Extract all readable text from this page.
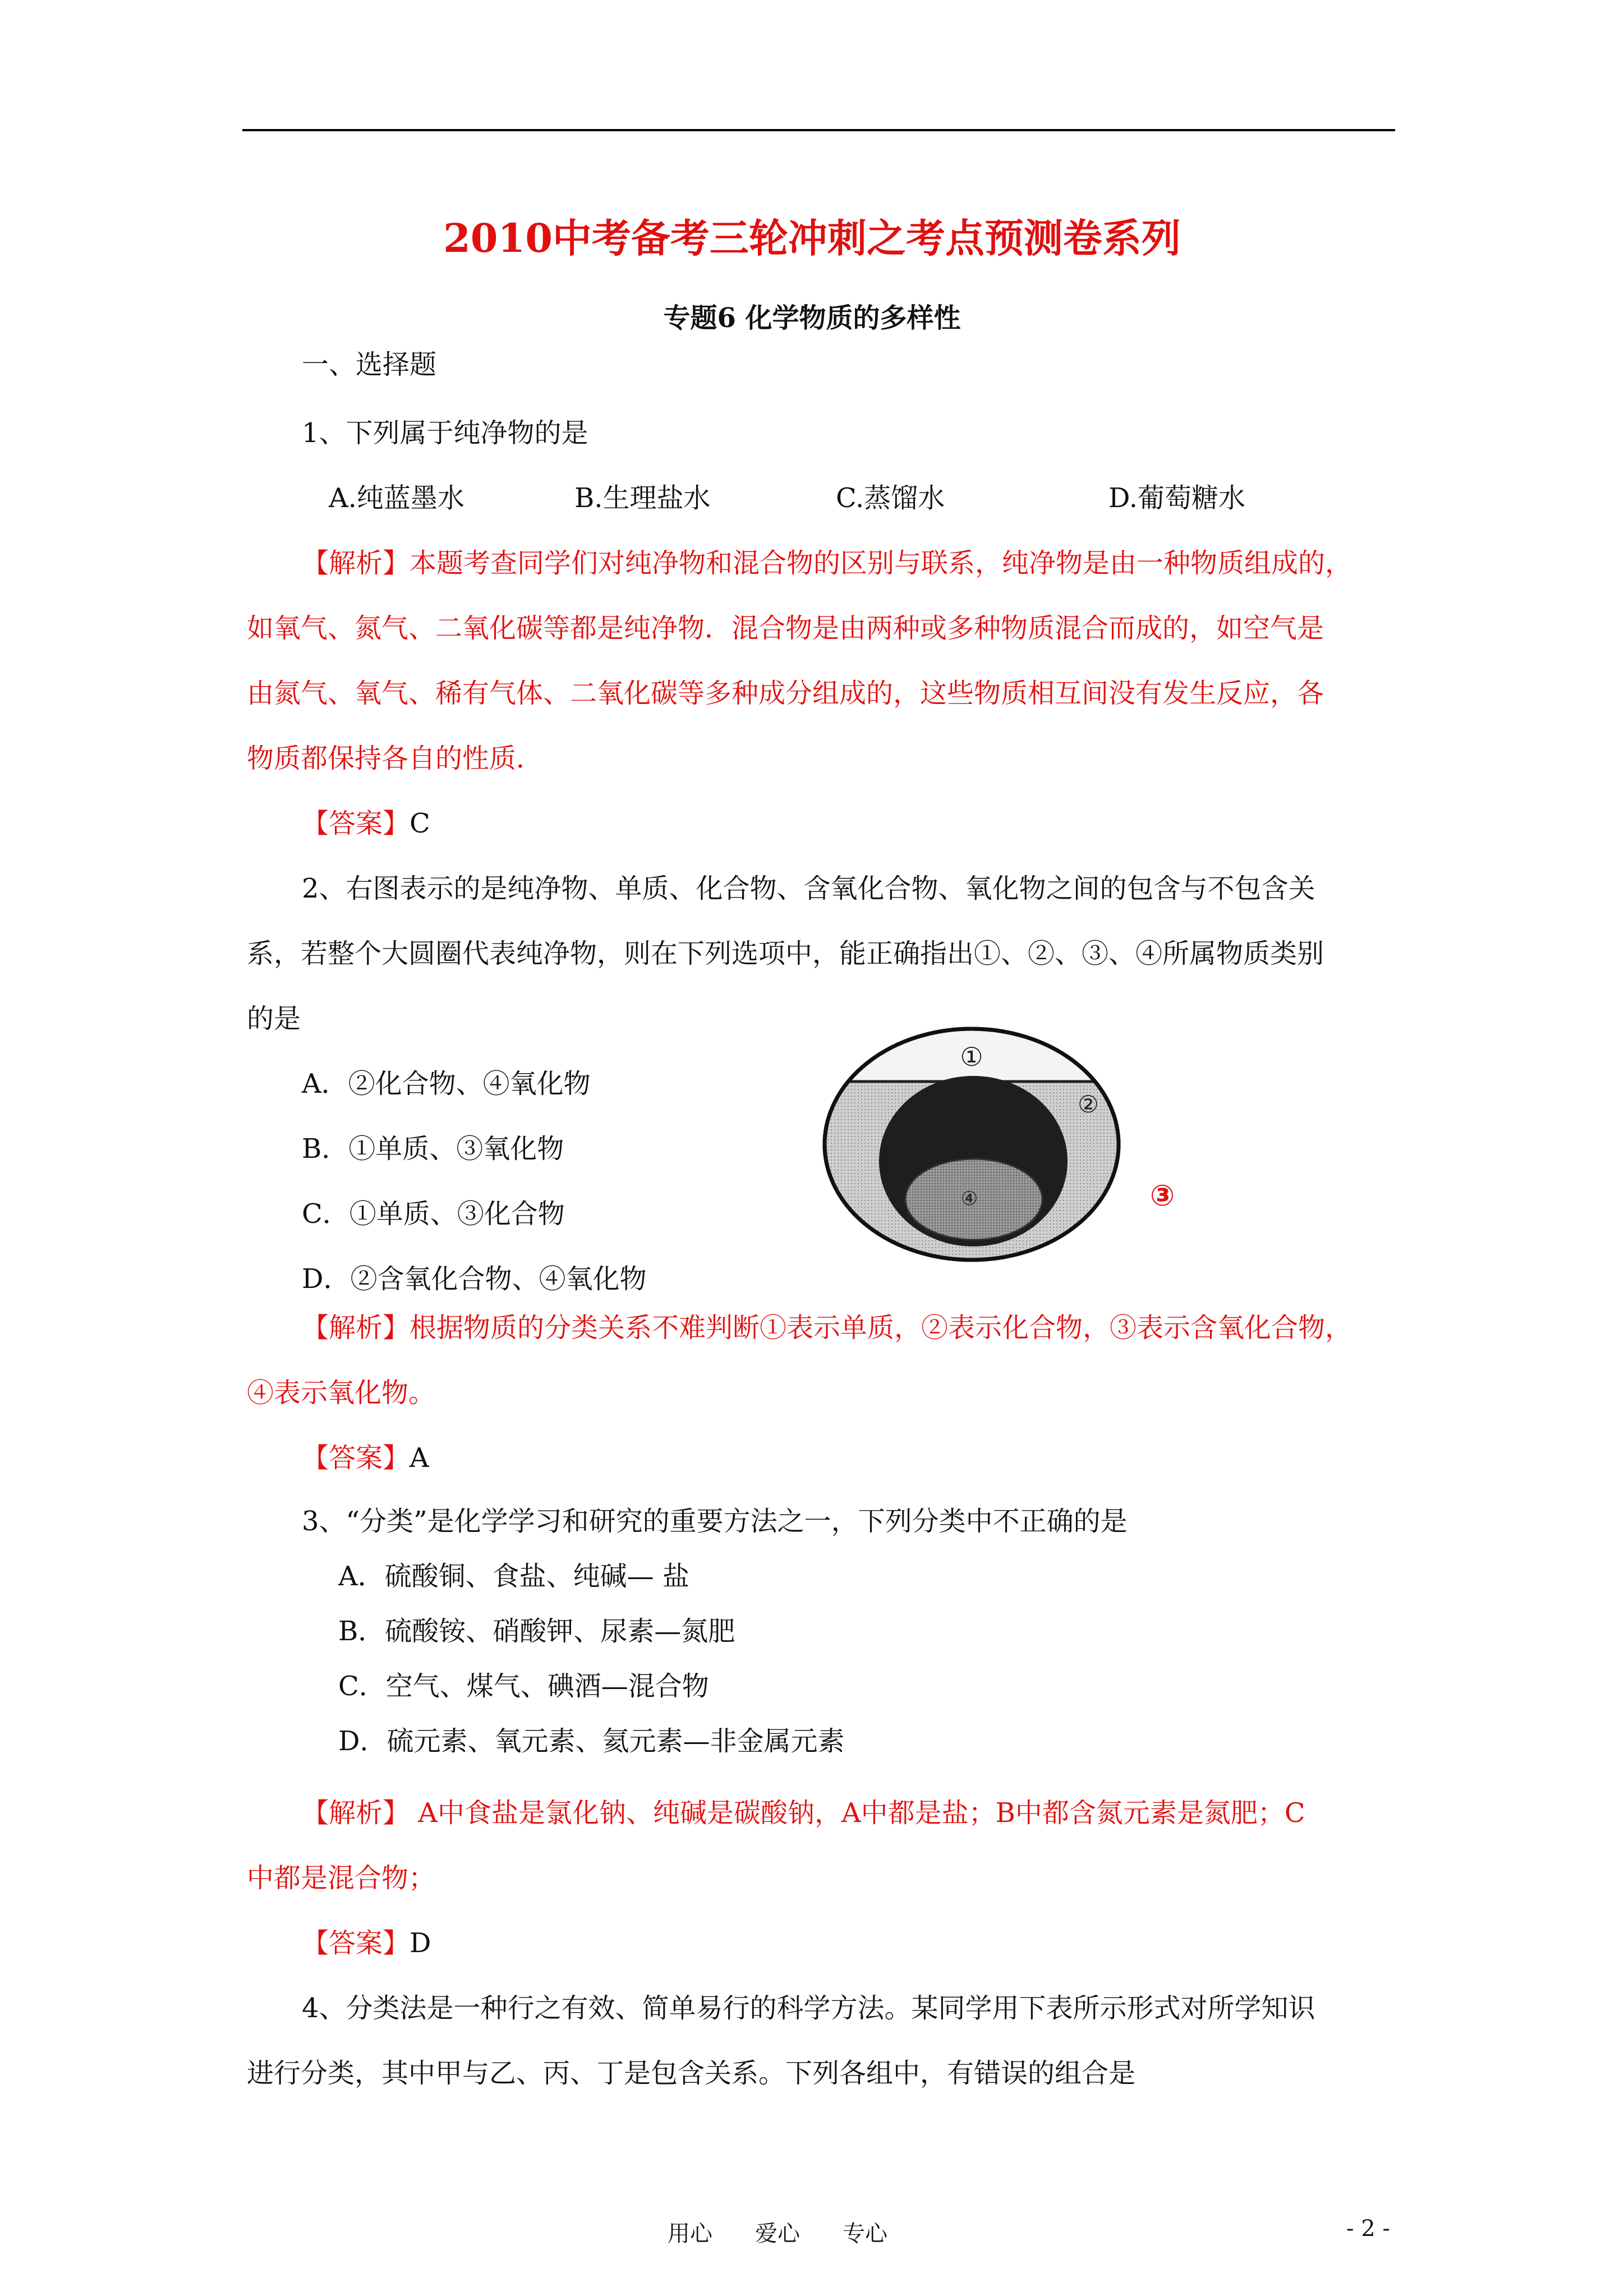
2010中考备考三轮冲刺之考点预测卷系列
专题6 化学物质的多样性
一、选择题
1、下列属于纯净物的是
A.纯蓝墨水	B.生理盐水	C.蒸馏水	D.葡萄糖水
【解析】本题考查同学们对纯净物和混合物的区别与联系，纯净物是由一种物质组成的，
如氧气、氮气、二氧化碳等都是纯净物．混合物是由两种或多种物质混合而成的，如空气是
由氮气、氧气、稀有气体、二氧化碳等多种成分组成的，这些物质相互间没有发生反应，各
物质都保持各自的性质．
【答案】C
2、右图表示的是纯净物、单质、化合物、含氧化合物、氧化物之间的包含与不包含关
系，若整个大圆圈代表纯净物，则在下列选项中，能正确指出①、②、③、④所属物质类别
的是
A．②化合物、④氧化物
B．①单质、③氧化物
C．①单质、③化合物
D．②含氧化合物、④氧化物
①
②
④	③
【解析】根据物质的分类关系不难判断①表示单质，②表示化合物，③表示含氧化合物，
④表示氧化物。
【答案】A
3、“分类”是化学学习和研究的重要方法之一，下列分类中不正确的是
A．硫酸铜、食盐、纯碱— 盐
B．硫酸铵、硝酸钾、尿素—氮肥
C．空气、煤气、碘酒—混合物
D．硫元素、氧元素、氦元素—非金属元素
【解析】 A中食盐是氯化钠、纯碱是碳酸钠，A中都是盐；B中都含氮元素是氮肥；C
中都是混合物；
【答案】D
4、分类法是一种行之有效、简单易行的科学方法。某同学用下表所示形式对所学知识
进行分类，其中甲与乙、丙、丁是包含关系。下列各组中，有错误的组合是
用心 爱心 专心	- 2 -
